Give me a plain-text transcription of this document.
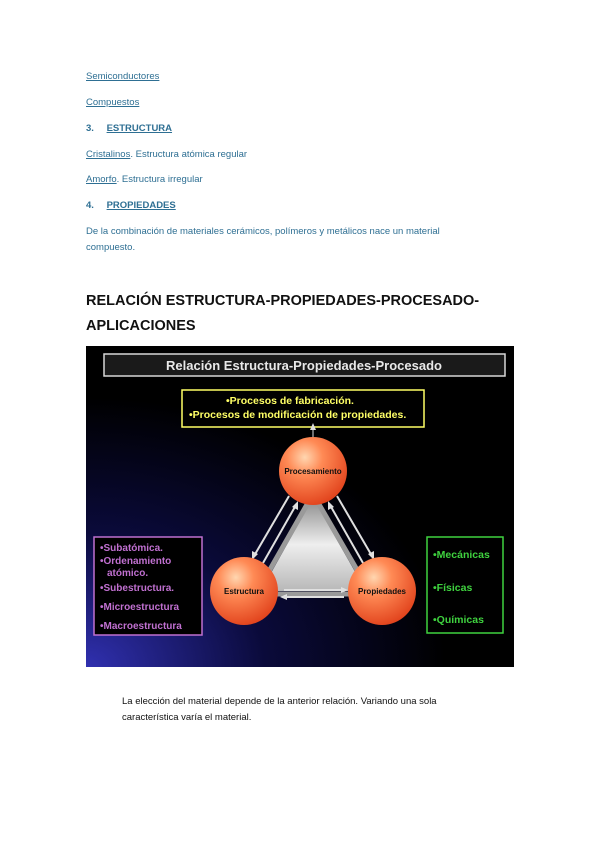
Semiconductores
Compuestos
3. ESTRUCTURA
Cristalinos. Estructura atómica regular
Amorfo. Estructura irregular
4. PROPIEDADES
De la combinación de materiales cerámicos, polímeros y metálicos nace un material compuesto.
RELACIÓN ESTRUCTURA-PROPIEDADES-PROCESADO-APLICACIONES
Relación Estructura-Propiedades-Procesado
•Procesos de fabricación.
•Procesos de modificación de propiedades.
Procesamiento
Estructura	Propiedades
•Subatómica.
•Ordenamiento
atómico.
•Subestructura.
•Microestructura
•Macroestructura
•Mecánicas
•Físicas
•Químicas
La elección del material depende de la anterior relación. Variando una sola característica varía el material.
